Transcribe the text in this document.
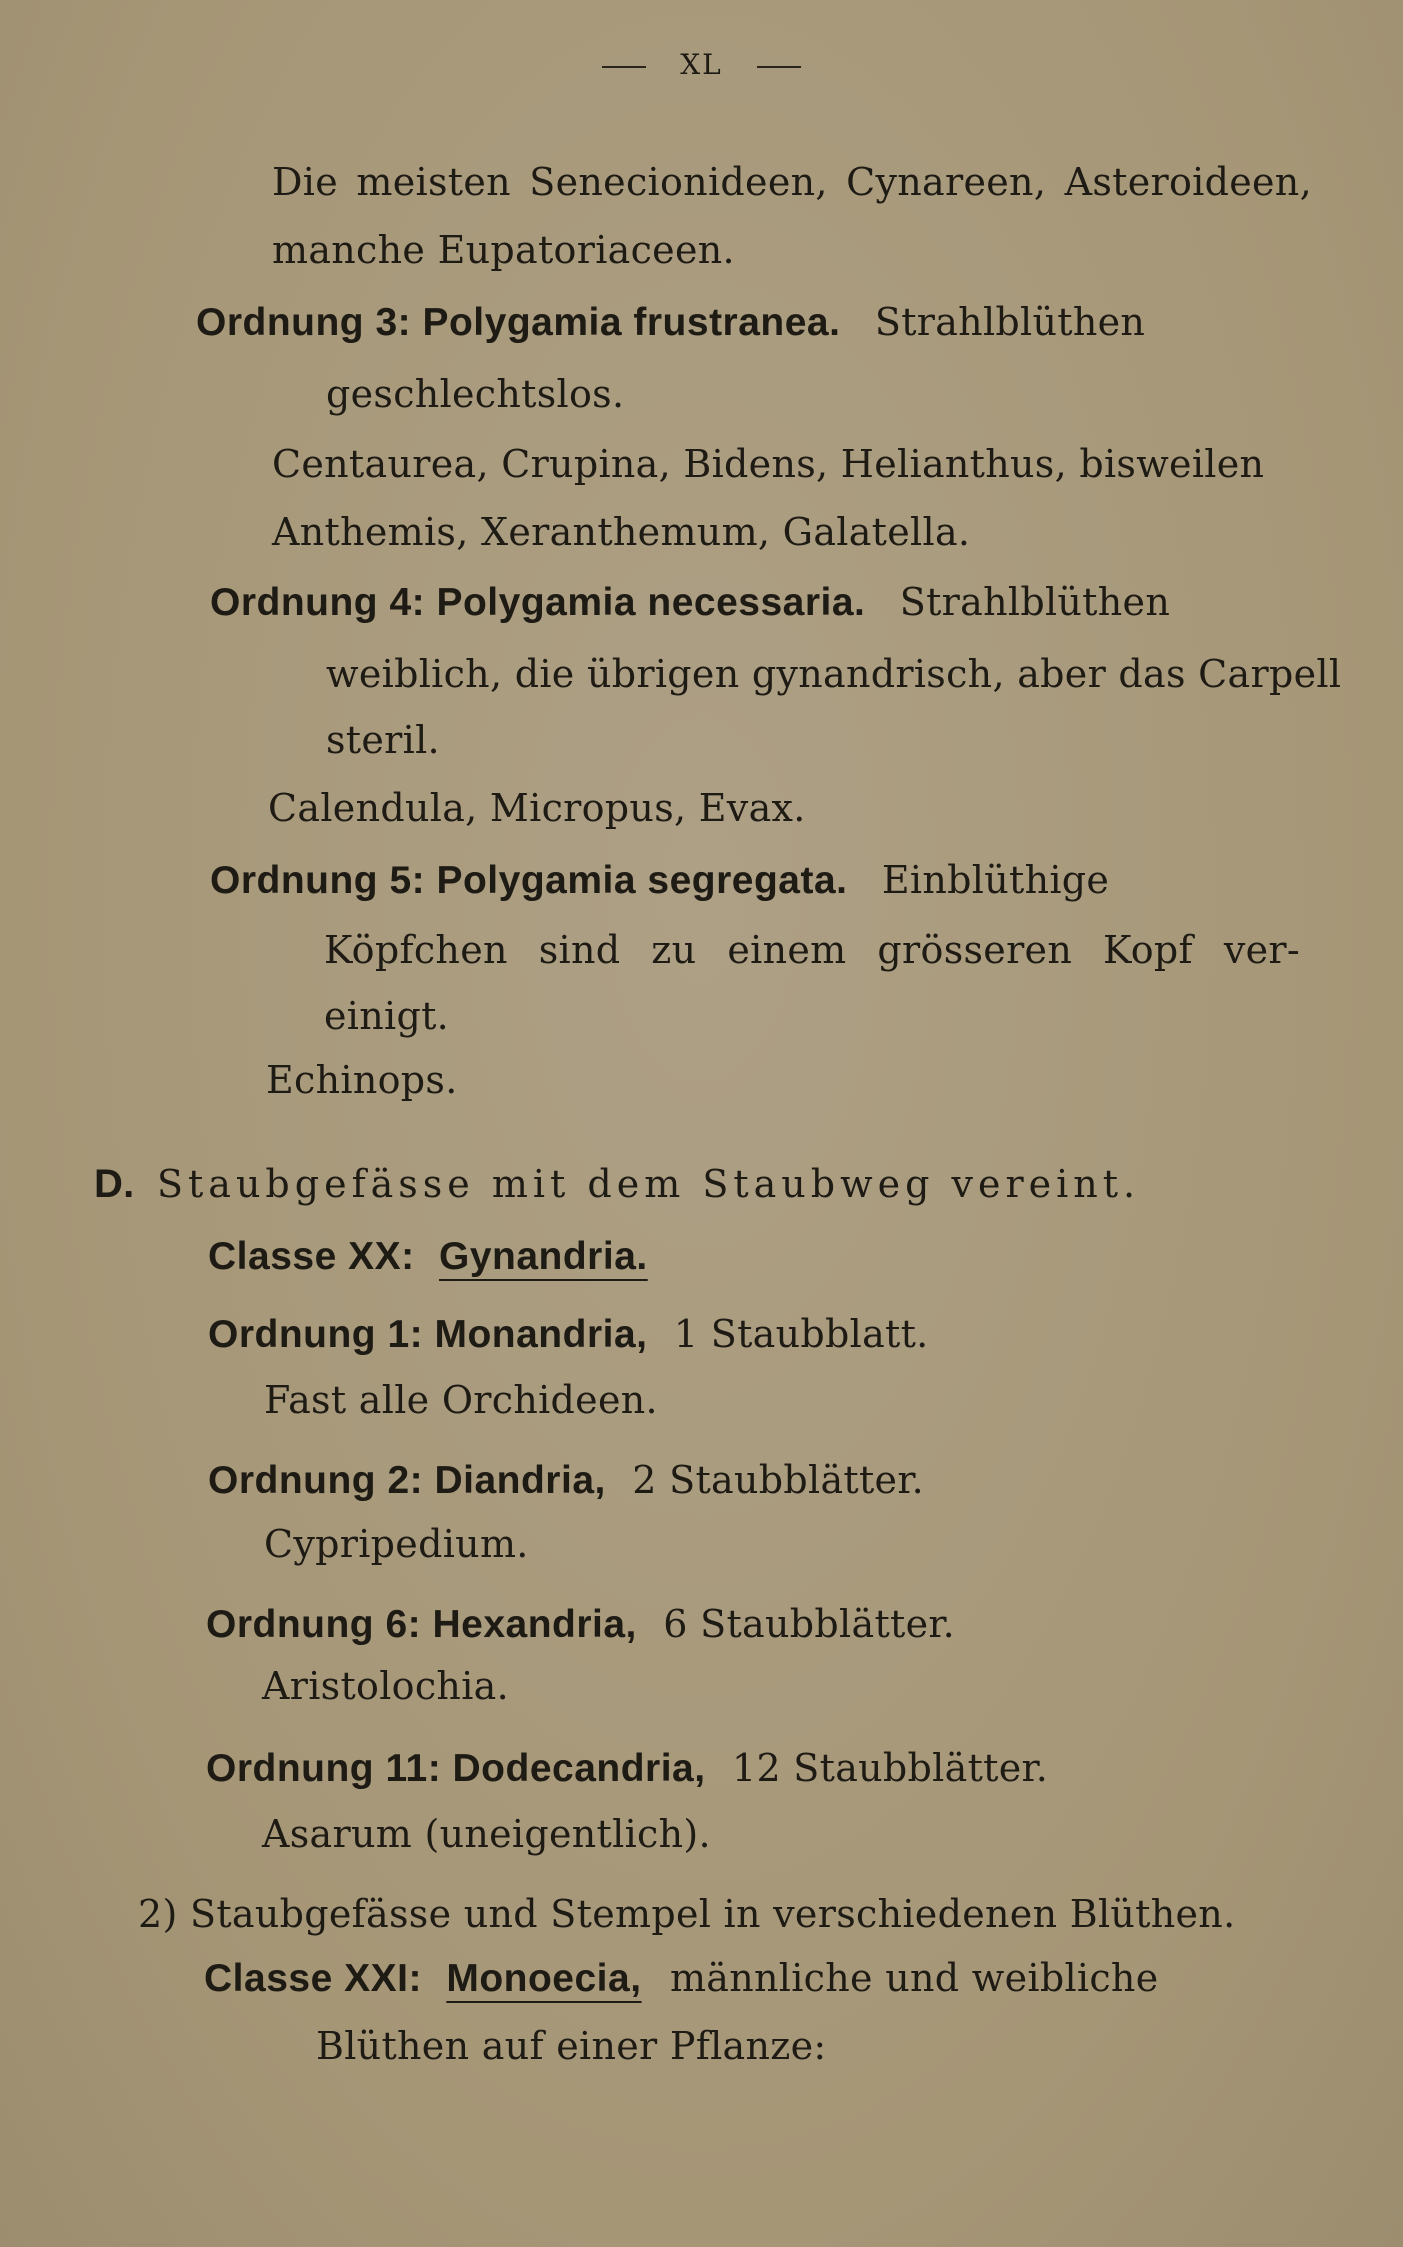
XL
Die meisten Senecionideen, Cynareen, Asteroideen,
manche Eupatoriaceen.
Ordnung 3: Polygamia frustranea. Strahlblüthen
geschlechtslos.
Centaurea, Crupina, Bidens, Helianthus, bisweilen
Anthemis, Xeranthemum, Galatella.
Ordnung 4: Polygamia necessaria. Strahlblüthen
weiblich, die übrigen gynandrisch, aber das Carpell
steril.
Calendula, Micropus, Evax.
Ordnung 5: Polygamia segregata. Einblüthige
Köpfchen sind zu einem grösseren Kopf ver-
einigt.
Echinops.
D. Staubgefässe mit dem Staubweg vereint.
Classe XX: Gynandria.
Ordnung 1: Monandria, 1 Staubblatt.
Fast alle Orchideen.
Ordnung 2: Diandria, 2 Staubblätter.
Cypripedium.
Ordnung 6: Hexandria, 6 Staubblätter.
Aristolochia.
Ordnung 11: Dodecandria, 12 Staubblätter.
Asarum (uneigentlich).
2) Staubgefässe und Stempel in verschiedenen Blüthen.
Classe XXI: Monoecia, männliche und weibliche
Blüthen auf einer Pflanze:
